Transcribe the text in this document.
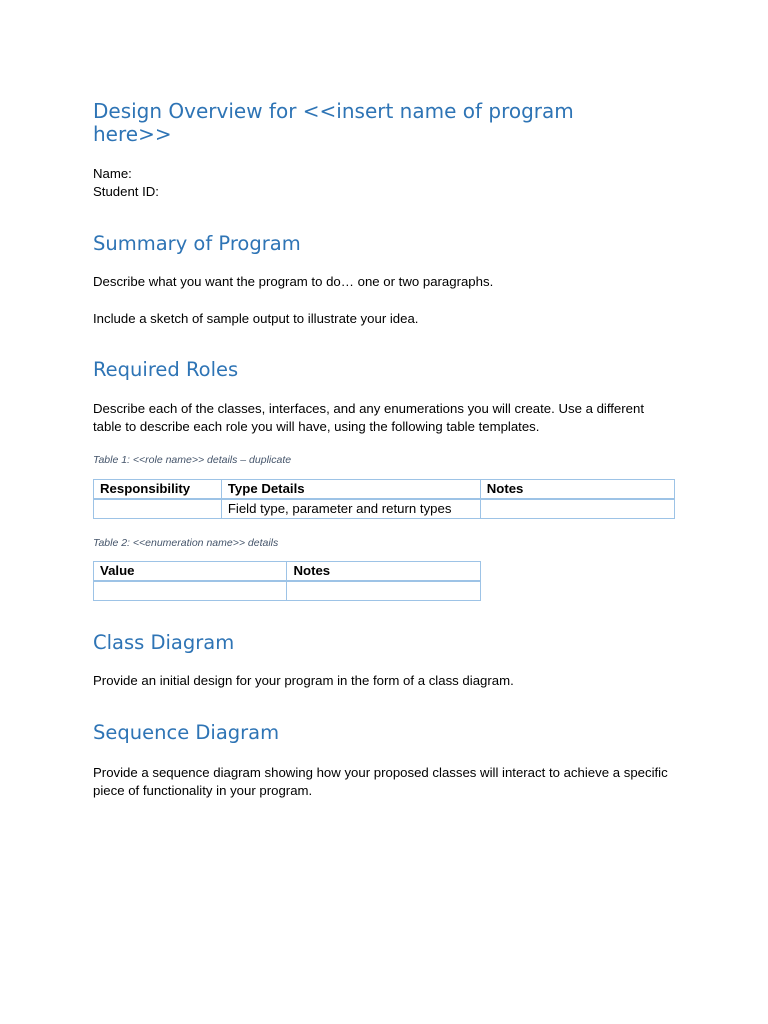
Design Overview for <<insert name of program here>>

Name:

Student ID:

Summary of Program

Describe what you want the program to do… one or two paragraphs.

Include a sketch of sample output to illustrate your idea.

Required Roles

Describe each of the classes, interfaces, and any enumerations you will create. Use a different table to describe each role you will have, using the following table templates.

Table 1: <<role name>> details – duplicate

Responsibility	Type Details	Notes
	Field type, parameter and return types	

Table 2: <<enumeration name>> details

Value	Notes

Class Diagram

Provide an initial design for your program in the form of a class diagram.

Sequence Diagram

Provide a sequence diagram showing how your proposed classes will interact to achieve a specific piece of functionality in your program.
